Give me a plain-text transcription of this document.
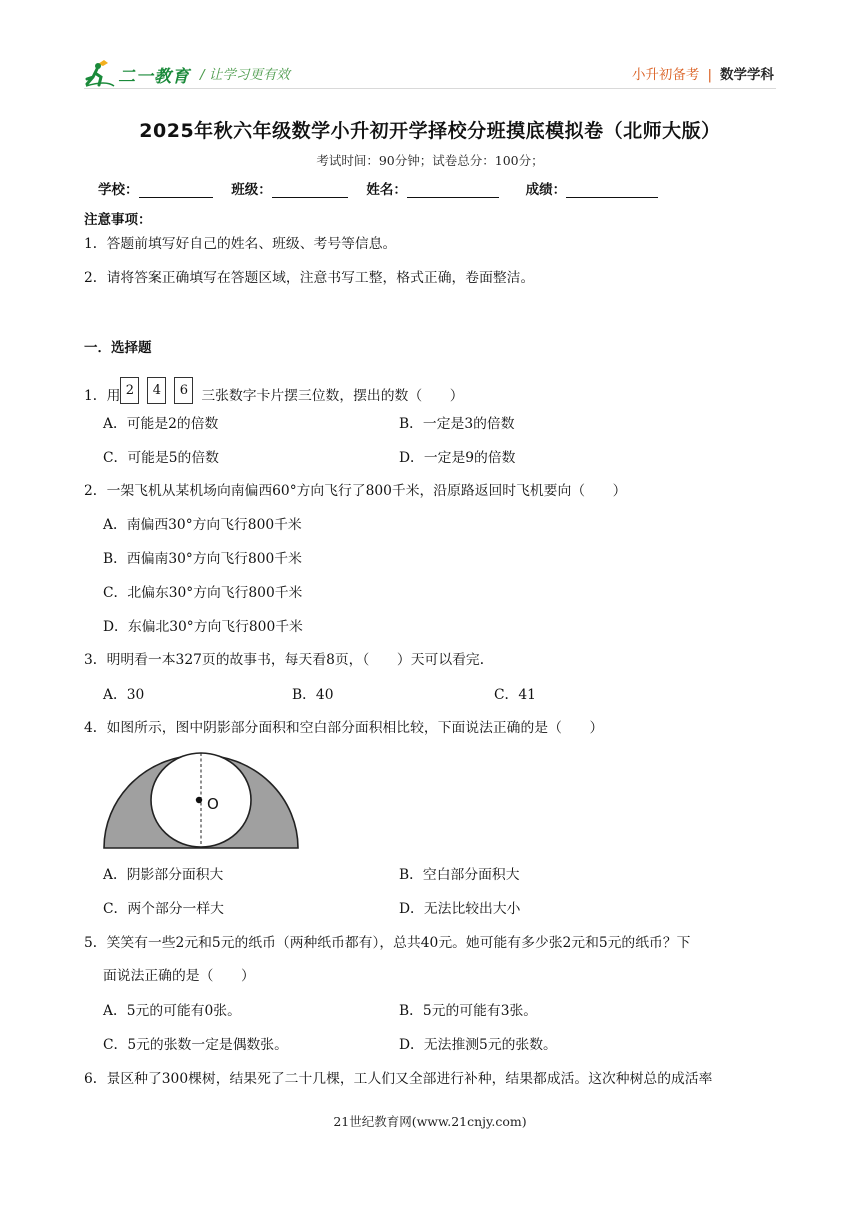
二一教育 / 让学习更有效	小升初备考 | 数学学科
2025年秋六年级数学小升初开学择校分班摸底模拟卷（北师大版）
考试时间：90分钟；试卷总分：100分；
学校：	班级：	姓名：	成绩：
注意事项：
1．答题前填写好自己的姓名、班级、考号等信息。
2．请将答案正确填写在答题区域，注意书写工整，格式正确，卷面整洁。
一．选择题
1．用 2 4 6 三张数字卡片摆三位数，摆出的数（　　）
A．可能是2的倍数	B．一定是3的倍数
C．可能是5的倍数	D．一定是9的倍数
2．一架飞机从某机场向南偏西60°方向飞行了800千米，沿原路返回时飞机要向（　　）
A．南偏西30°方向飞行800千米
B．西偏南30°方向飞行800千米
C．北偏东30°方向飞行800千米
D．东偏北30°方向飞行800千米
3．明明看一本327页的故事书，每天看8页，（　　）天可以看完．
A．30	B．40	C．41
4．如图所示，图中阴影部分面积和空白部分面积相比较，下面说法正确的是（　　）
O
A．阴影部分面积大	B．空白部分面积大
C．两个部分一样大	D．无法比较出大小
5．笑笑有一些2元和5元的纸币（两种纸币都有），总共40元。她可能有多少张2元和5元的纸币？下
面说法正确的是（　　）
A．5元的可能有0张。	B．5元的可能有3张。
C．5元的张数一定是偶数张。	D．无法推测5元的张数。
6．景区种了300棵树，结果死了二十几棵，工人们又全部进行补种，结果都成活。这次种树总的成活率
21世纪教育网(www.21cnjy.com)
